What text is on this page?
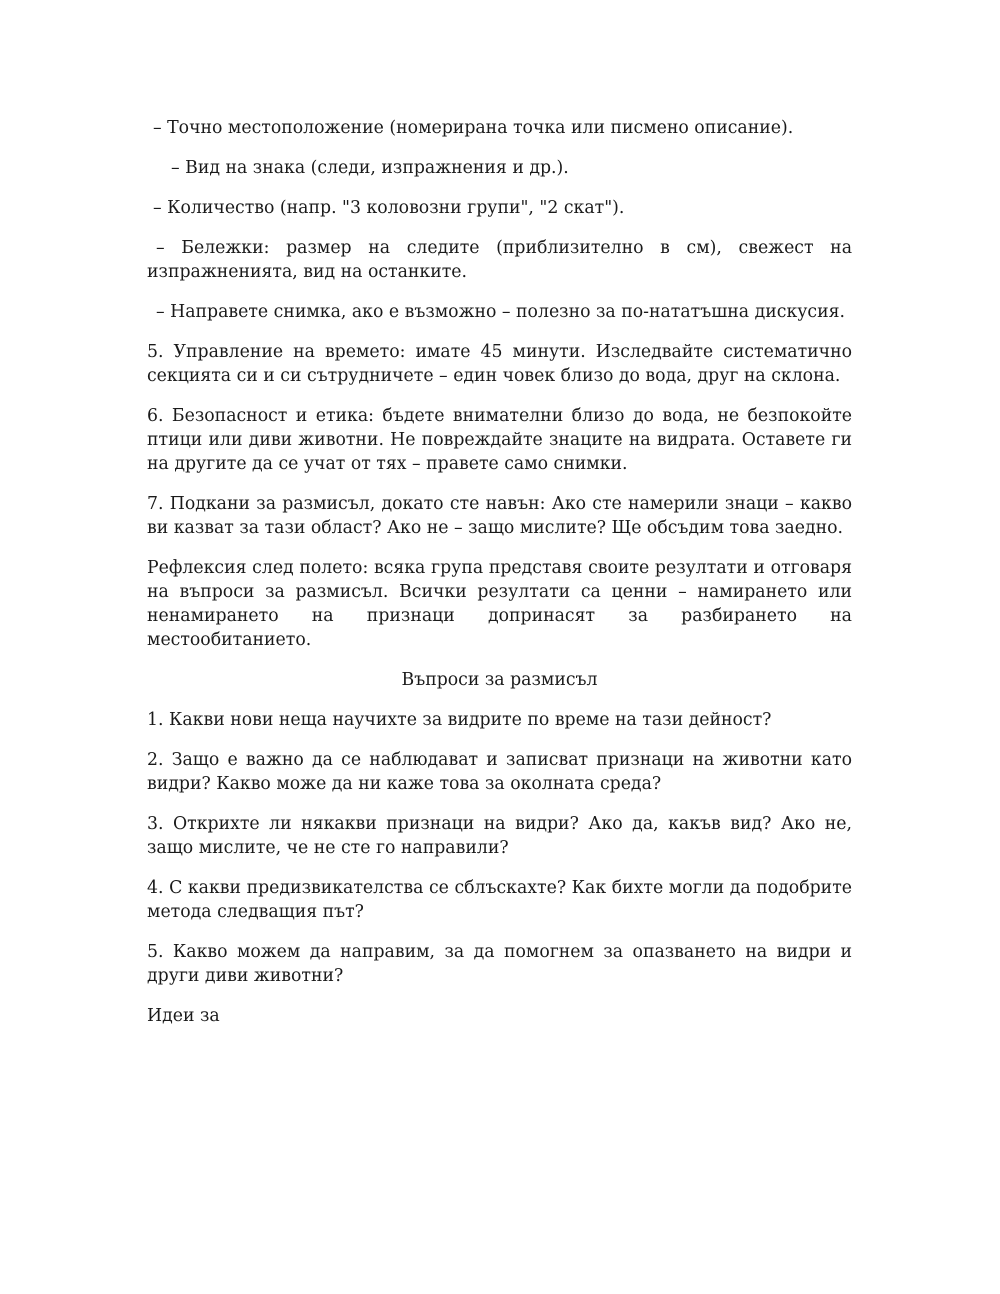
– Точно местоположение (номерирана точка или писмено описание).

– Вид на знака (следи, изпражнения и др.).

– Количество (напр. "3 коловозни групи", "2 скат").

– Бележки: размер на следите (приблизително в см), свежест на изпражненията, вид на останките.

– Направете снимка, ако е възможно – полезно за по-нататъшна дискусия.

5. Управление на времето: имате 45 минути. Изследвайте систематично секцията си и си сътрудничете – един човек близо до вода, друг на склона.

6. Безопасност и етика: бъдете внимателни близо до вода, не безпокойте птици или диви животни. Не повреждайте знаците на видрата. Оставете ги на другите да се учат от тях – правете само снимки.

7. Подкани за размисъл, докато сте навън: Ако сте намерили знаци – какво ви казват за тази област? Ако не – защо мислите? Ще обсъдим това заедно.

Рефлексия след полето: всяка група представя своите резултати и отговаря на въпроси за размисъл. Всички резултати са ценни – намирането или ненамирането на признаци допринасят за разбирането на местообитанието.

Въпроси за размисъл

1. Какви нови неща научихте за видрите по време на тази дейност?

2. Защо е важно да се наблюдават и записват признаци на животни като видри? Какво може да ни каже това за околната среда?

3. Открихте ли някакви признаци на видри? Ако да, какъв вид? Ако не, защо мислите, че не сте го направили?

4. С какви предизвикателства се сблъскахте? Как бихте могли да подобрите метода следващия път?

5. Какво можем да направим, за да помогнем за опазването на видри и други диви животни?

Идеи за
